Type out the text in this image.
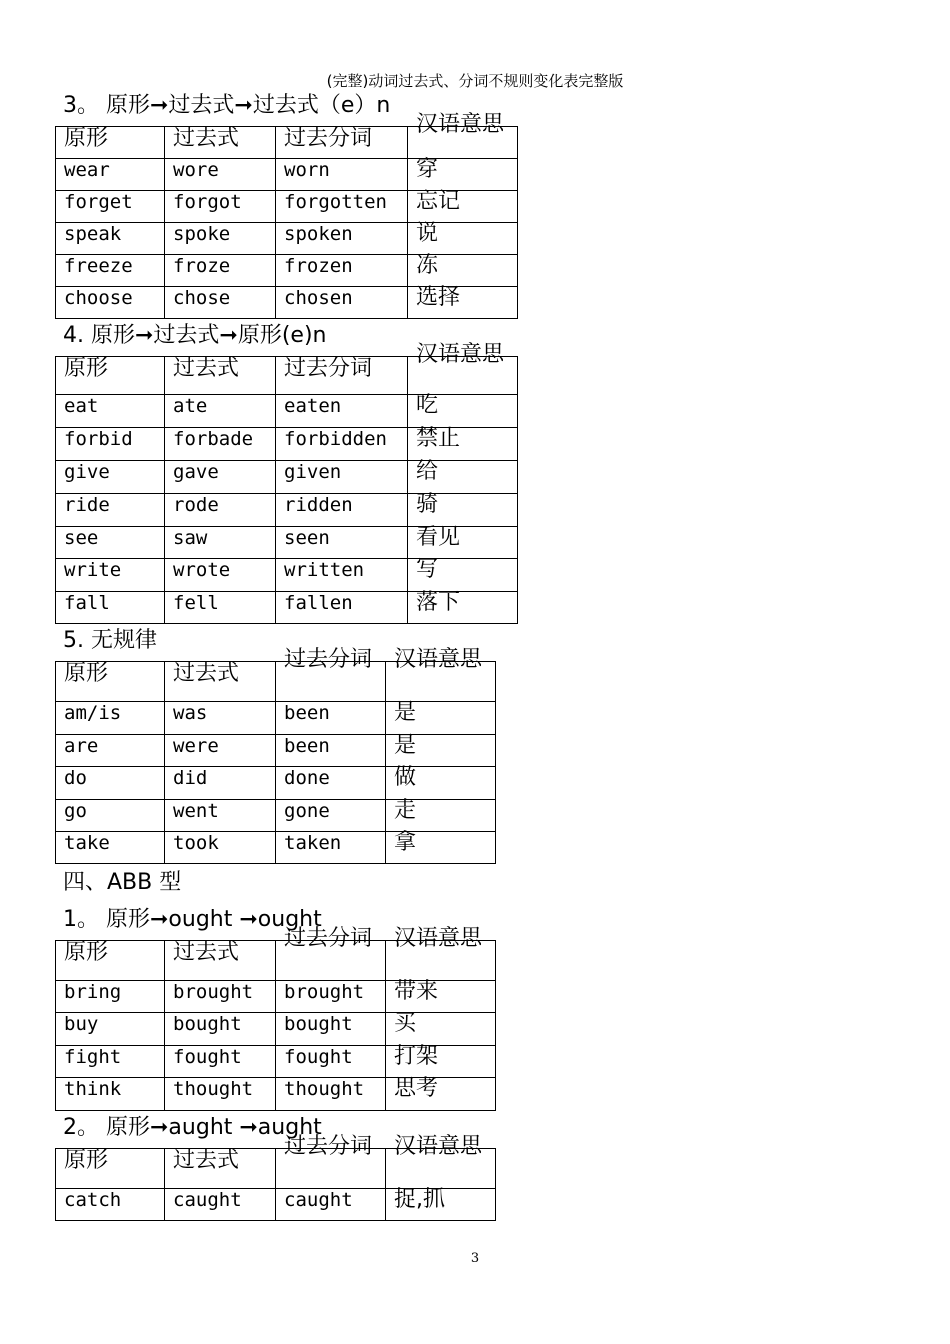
(完整)动词过去式、分词不规则变化表完整版
3。 原形➞过去式➞过去式（e）n
原形	过去式	过去分词	汉语意思

wear	wore	worn	穿
forget	forgot	forgotten	忘记
speak	spoke	spoken	说
freeze	froze	frozen	冻
choose	chose	chosen	选择
4. 原形➞过去式➞原形(e)n
原形	过去式	过去分词	汉语意思

eat	ate	eaten	吃
forbid	forbade	forbidden	禁止
give	gave	given	给
ride	rode	ridden	骑
see	saw	seen	看见
write	wrote	written	写
fall	fell	fallen	落下
5. 无规律
原形	过去式	过去分词	汉语意思

am/is	was	been	是
are	were	been	是
do	did	done	做
go	went	gone	走
take	took	taken	拿
四、ABB 型
1。 原形➞ought ➞ought
原形	过去式	过去分词	汉语意思

bring	brought	brought	带来
buy	bought	bought	买
fight	fought	fought	打架
think	thought	thought	思考
2。 原形➞aught ➞aught
原形	过去式	过去分词	汉语意思

catch	caught	caught	捉,抓
3
